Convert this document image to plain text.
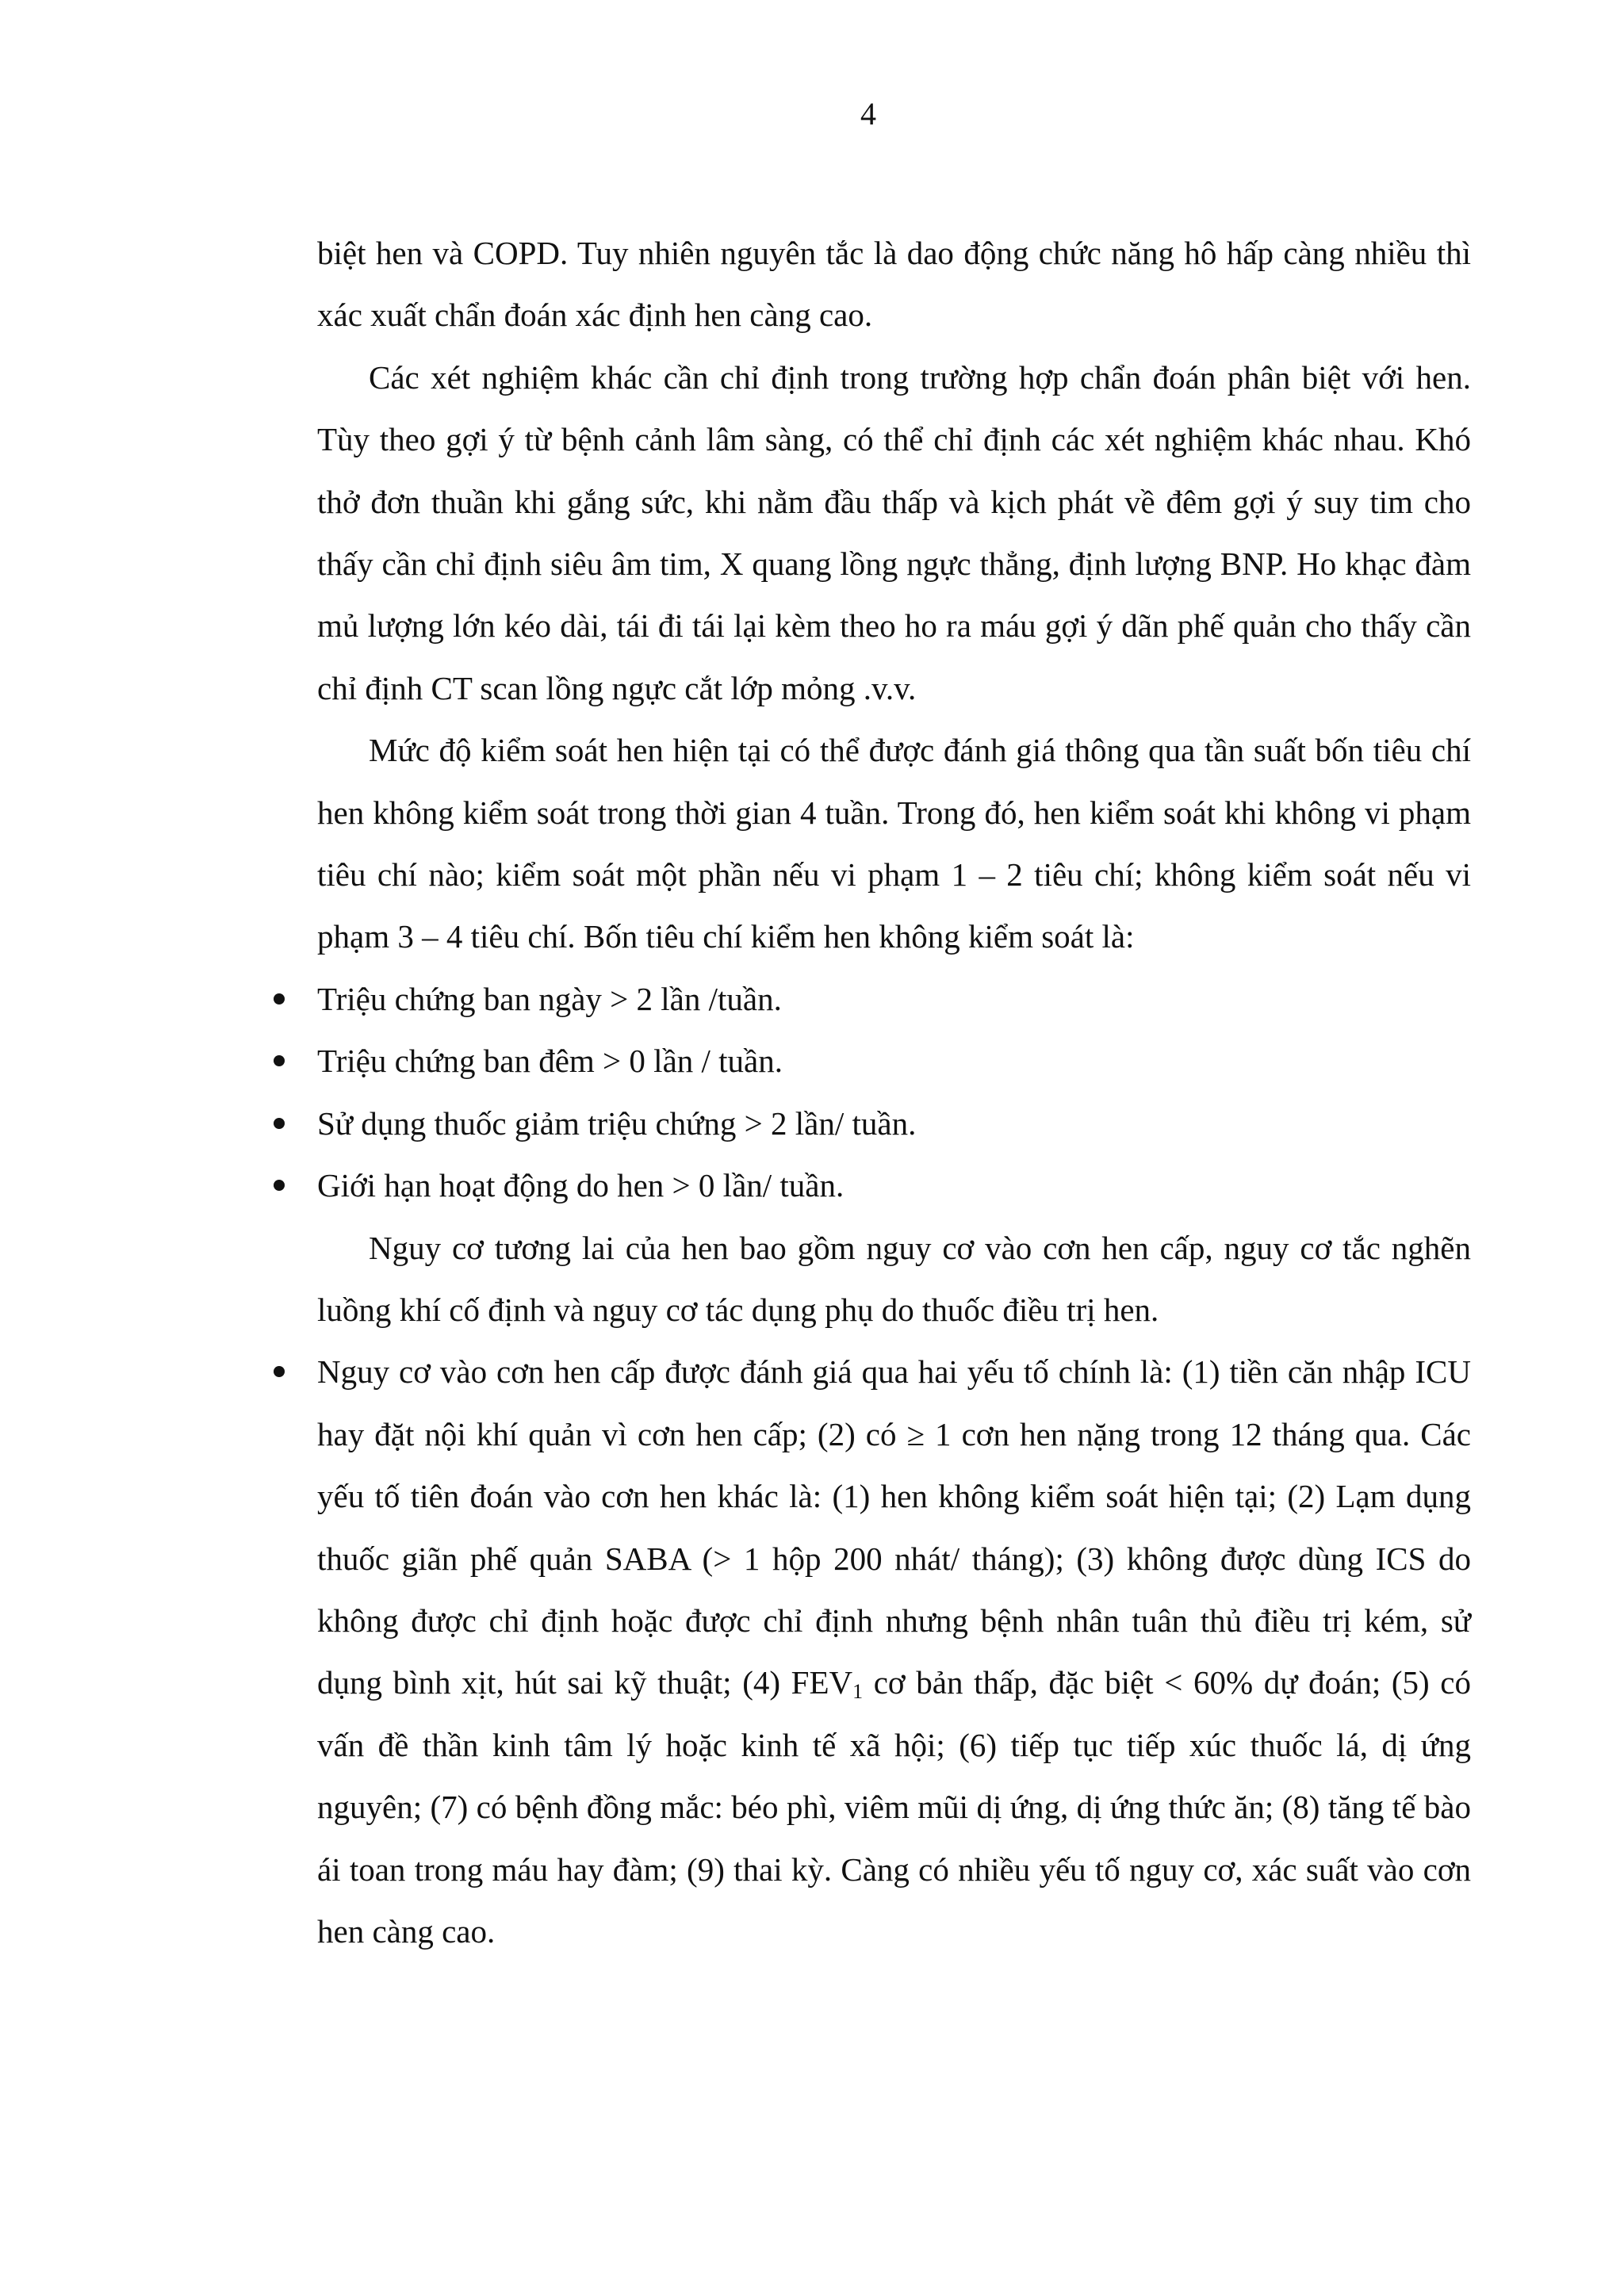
4

biệt hen và COPD. Tuy nhiên nguyên tắc là dao động chức năng hô hấp càng nhiều thì xác xuất chẩn đoán xác định hen càng cao.

Các xét nghiệm khác cần chỉ định trong trường hợp chẩn đoán phân biệt với hen. Tùy theo gợi ý từ bệnh cảnh lâm sàng, có thể chỉ định các xét nghiệm khác nhau. Khó thở đơn thuần khi gắng sức, khi nằm đầu thấp và kịch phát về đêm gợi ý suy tim cho thấy cần chỉ định siêu âm tim, X quang lồng ngực thẳng, định lượng BNP. Ho khạc đàm mủ lượng lớn kéo dài, tái đi tái lại kèm theo ho ra máu gợi ý dãn phế quản cho thấy cần chỉ định CT scan lồng ngực cắt lớp mỏng .v.v.

Mức độ kiểm soát hen hiện tại có thể được đánh giá thông qua tần suất bốn tiêu chí hen không kiểm soát trong thời gian 4 tuần. Trong đó, hen kiểm soát khi không vi phạm tiêu chí nào; kiểm soát một phần nếu vi phạm 1 – 2 tiêu chí; không kiểm soát nếu vi phạm 3 – 4 tiêu chí. Bốn tiêu chí kiểm hen không kiểm soát là:

Triệu chứng ban ngày > 2 lần /tuần.
Triệu chứng ban đêm > 0 lần / tuần.
Sử dụng thuốc giảm triệu chứng > 2 lần/ tuần.
Giới hạn hoạt động do hen > 0 lần/ tuần.

Nguy cơ tương lai của hen bao gồm nguy cơ vào cơn hen cấp, nguy cơ tắc nghẽn luồng khí cố định và nguy cơ tác dụng phụ do thuốc điều trị hen.

Nguy cơ vào cơn hen cấp được đánh giá qua hai yếu tố chính là: (1) tiền căn nhập ICU hay đặt nội khí quản vì cơn hen cấp; (2) có ≥ 1 cơn hen nặng trong 12 tháng qua. Các yếu tố tiên đoán vào cơn hen khác là: (1) hen không kiểm soát hiện tại; (2) Lạm dụng thuốc giãn phế quản SABA (> 1 hộp 200 nhát/ tháng); (3) không được dùng ICS do không được chỉ định hoặc được chỉ định nhưng bệnh nhân tuân thủ điều trị kém, sử dụng bình xịt, hút sai kỹ thuật; (4) $FEV_1$ cơ bản thấp, đặc biệt < 60% dự đoán; (5) có vấn đề thần kinh tâm lý hoặc kinh tế xã hội; (6) tiếp tục tiếp xúc thuốc lá, dị ứng nguyên; (7) có bệnh đồng mắc: béo phì, viêm mũi dị ứng, dị ứng thức ăn; (8) tăng tế bào ái toan trong máu hay đàm; (9) thai kỳ. Càng có nhiều yếu tố nguy cơ, xác suất vào cơn hen càng cao.
